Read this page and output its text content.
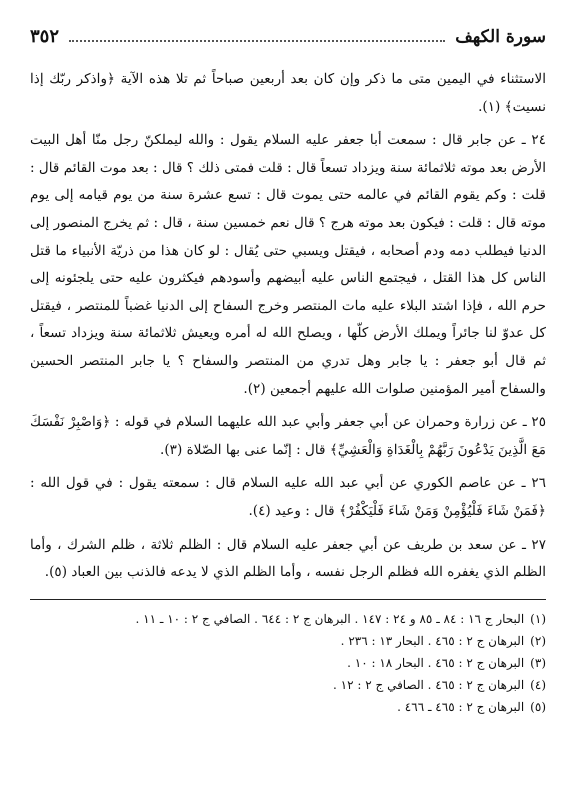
سورة الكهف
٣٥٢

الاستثناء في اليمين متى ما ذكر وإن كان بعد أربعين صباحاً ثم تلا هذه الآية ﴿واذكر ربّك إذا نسيت﴾ (١).

٢٤ ـ عن جابر قال : سمعت أبا جعفر عليه السلام يقول : والله ليملكنّ رجل منّا أهل البيت الأرض بعد موته ثلاثمائة سنة ويزداد تسعاً قال : قلت فمتى ذلك ؟ قال : بعد موت القائم قال : قلت : وكم يقوم القائم في عالمه حتى يموت قال : تسع عشرة سنة من يوم قيامه إلى يوم موته قال : قلت : فيكون بعد موته هرج ؟ قال نعم خمسين سنة ، قال : ثم يخرج المنصور إلى الدنيا فيطلب دمه ودم أصحابه ، فيقتل ويسبي حتى يُقال : لو كان هذا من ذريّة الأنبياء ما قتل الناس كل هذا القتل ، فيجتمع الناس عليه أبيضهم وأسودهم فيكثرون عليه حتى يلجئونه إلى حرم الله ، فإذا اشتد البلاء عليه مات المنتصر وخرج السفاح إلى الدنيا غضباً للمنتصر ، فيقتل كل عدوّ لنا جائراً ويملك الأرض كلّها ، ويصلح الله له أمره ويعيش ثلاثمائة سنة ويزداد تسعاً ، ثم قال أبو جعفر : يا جابر وهل تدري من المنتصر والسفاح ؟ يا جابر المنتصر الحسين والسفاح أمير المؤمنين صلوات الله عليهم أجمعين (٢).

٢٥ ـ عن زرارة وحمران عن أبي جعفر وأبي عبد الله عليهما السلام في قوله : ﴿وَاصْبِرْ نَفْسَكَ مَعَ الَّذِينَ يَدْعُونَ رَبَّهُمْ بِالْغَدَاةِ وَالْعَشِيِّ﴾ قال : إنّما عنى بها الصّلاة (٣).

٢٦ ـ عن عاصم الكوري عن أبي عبد الله عليه السلام قال : سمعته يقول : في قول الله : ﴿فَمَنْ شَاءَ فَلْيُؤْمِنْ وَمَنْ شَاءَ فَلْيَكْفُرْ﴾ قال : وعيد (٤).

٢٧ ـ عن سعد بن طريف عن أبي جعفر عليه السلام قال : الظلم ثلاثة ، ظلم الشرك ، وأما الظلم الذي يغفره الله فظلم الرجل نفسه ، وأما الظلم الذي لا يدعه فالذنب بين العباد (٥).

(١)البحار ج ١٦ : ٨٤ ـ ٨٥ و ٢٤ : ١٤٧ . البرهان ج ٢ : ٦٤٤ . الصافي ج ٢ : ١٠ ـ ١١ .
(٢)البرهان ج ٢ : ٤٦٥ . البحار ١٣ : ٢٣٦ .
(٣)البرهان ج ٢ : ٤٦٥ . البحار ١٨ : ١٠ .
(٤)البرهان ج ٢ : ٤٦٥ . الصافي ج ٢ : ١٢ .
(٥)البرهان ج ٢ : ٤٦٥ ـ ٤٦٦ .
